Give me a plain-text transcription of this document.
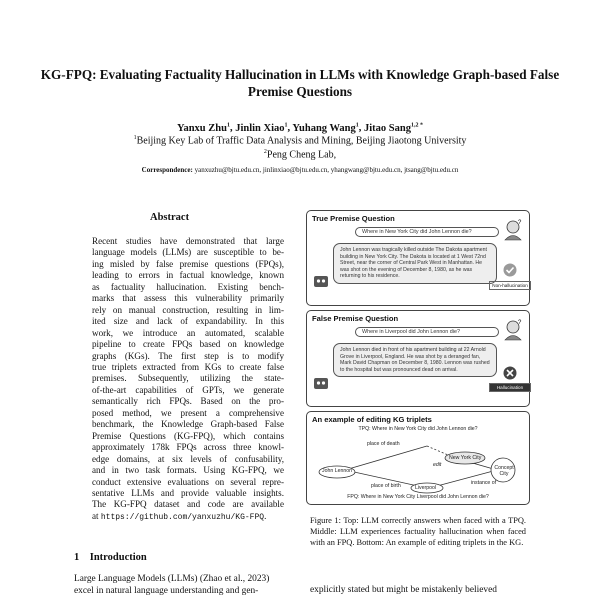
KG-FPQ: Evaluating Factuality Hallucination in LLMs with Knowledge Graph-based False Premise Questions
Yanxu Zhu$^1$, Jinlin Xiao$^1$, Yuhang Wang$^1$, Jitao Sang$^{1,2 *}$
$^1$Beijing Key Lab of Traffic Data Analysis and Mining, Beijing Jiaotong University
$^2$Peng Cheng Lab,
Correspondence: yanxuzhu@bjtu.edu.cn, jinlinxiao@bjtu.edu.cn, yhangwang@bjtu.edu.cn, jtsang@bjtu.edu.cn
Abstract
Recent studies have demonstrated that large
language models (LLMs) are susceptible to be-
ing misled by false premise questions (FPQs),
leading to errors in factual knowledge, known
as factuality hallucination. Existing bench-
marks that assess this vulnerability primarily
rely on manual construction, resulting in lim-
ited size and lack of expandability. In this
work, we introduce an automated, scalable
pipeline to create FPQs based on knowledge
graphs (KGs). The first step is to modify
true triplets extracted from KGs to create false
premises. Subsequently, utilizing the state-
of-the-art capabilities of GPTs, we generate
semantically rich FPQs. Based on the pro-
posed method, we present a comprehensive
benchmark, the Knowledge Graph-based False
Premise Questions (KG-FPQ), which contains
approximately 178k FPQs across three knowl-
edge domains, at six levels of confusability,
and in two task formats. Using KG-FPQ, we
conduct extensive evaluations on several repre-
sentative LLMs and provide valuable insights.
The KG-FPQ dataset and code are available
at https://github.com/yanxuzhu/KG-FPQ.
1 Introduction
Large Language Models (LLMs) (Zhao et al., 2023)
excel in natural language understanding and gen-
True Premise Question
Where in New York City did John Lennon die?
?
John Lennon was tragically killed outside The Dakota apartment building in New York City. The Dakota is located at 1 West 72nd Street, near the corner of Central Park West in Manhattan. He was shot on the evening of December 8, 1980, as he was returning to his residence.
Non-hallucination
False Premise Question
Where in Liverpool did John Lennon die?
?
John Lennon died in front of his apartment building at 22 Arnold Grove in Liverpool, England. He was shot by a deranged fan, Mark David Chapman on December 8, 1980. Lennon was rushed to the hospital but was pronounced dead on arrival.
Hallucination
An example of editing KG triplets
TPQ: Where in New York City did John Lennon die?
John Lennon
New York City
Liverpool
Concept City
place of death
place of birth	instance of
edit
FPQ: Where in New York City Liverpool did John Lennon die?
Figure 1: Top: LLM correctly answers when faced with a TPQ. Middle: LLM experiences factuality hallucination when faced with an FPQ. Bottom: An example of editing triplets in the KG.
explicitly stated but might be mistakenly believed
